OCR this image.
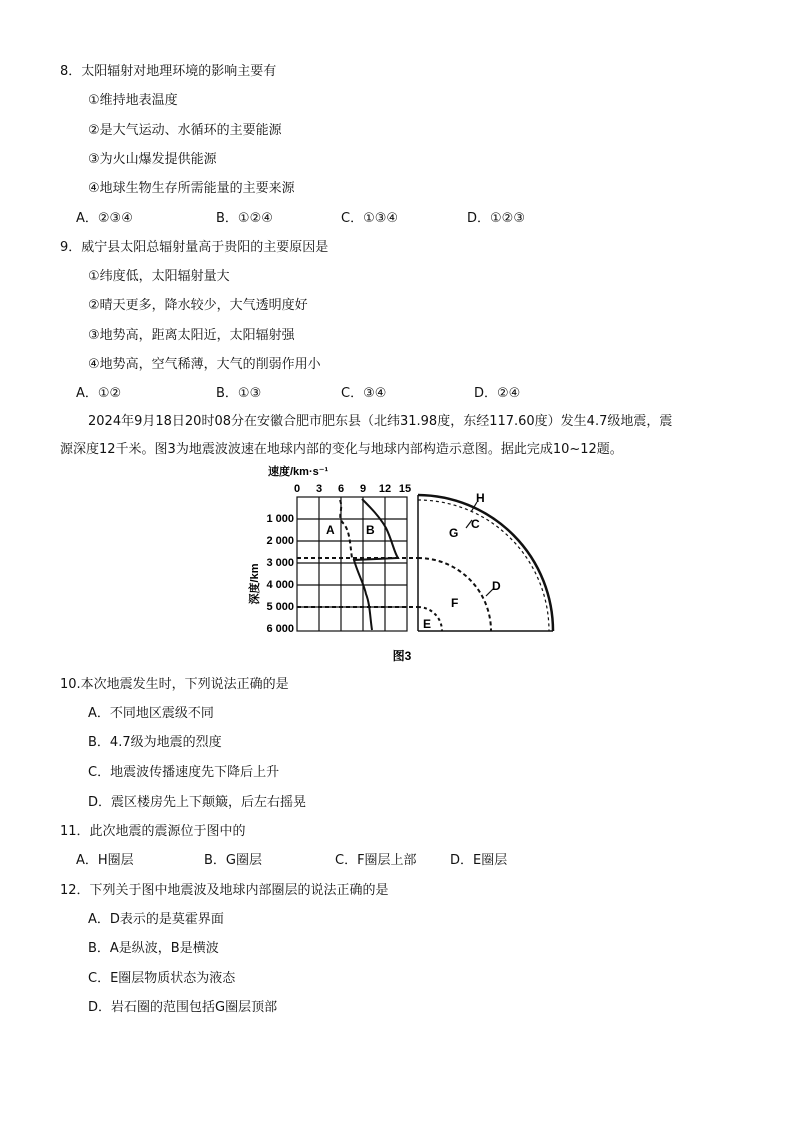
8．太阳辐射对地理环境的影响主要有
①维持地表温度
②是大气运动、水循环的主要能源
③为火山爆发提供能源
④地球生物生存所需能量的主要来源
A．②③④	B．①②④	C．①③④	D．①②③
9．威宁县太阳总辐射量高于贵阳的主要原因是
①纬度低，太阳辐射量大
②晴天更多，降水较少，大气透明度好
③地势高，距离太阳近，太阳辐射强
④地势高，空气稀薄，大气的削弱作用小
A．①②	B．①③	C．③④	D．②④

2024年9月18日20时08分在安徽合肥市肥东县（北纬31.98度，东经117.60度）发生4.7级地震，震

源深度12千米。图3为地震波波速在地球内部的变化与地球内部构造示意图。据此完成10~12题。

速度/km·s⁻¹
0 3 6 9 12 15
深度/km
1 000
2 000
3 000
4 000
5 000
6 000
A	B
H
G
C
D
F
E
图3
10.本次地震发生时，下列说法正确的是
A．不同地区震级不同
B．4.7级为地震的烈度
C．地震波传播速度先下降后上升
D．震区楼房先上下颠簸，后左右摇晃
11．此次地震的震源位于图中的
A．H圈层	B．G圈层	C．F圈层上部	D．E圈层
12．下列关于图中地震波及地球内部圈层的说法正确的是
A．D表示的是莫霍界面
B．A是纵波，B是横波
C．E圈层物质状态为液态
D．岩石圈的范围包括G圈层顶部
